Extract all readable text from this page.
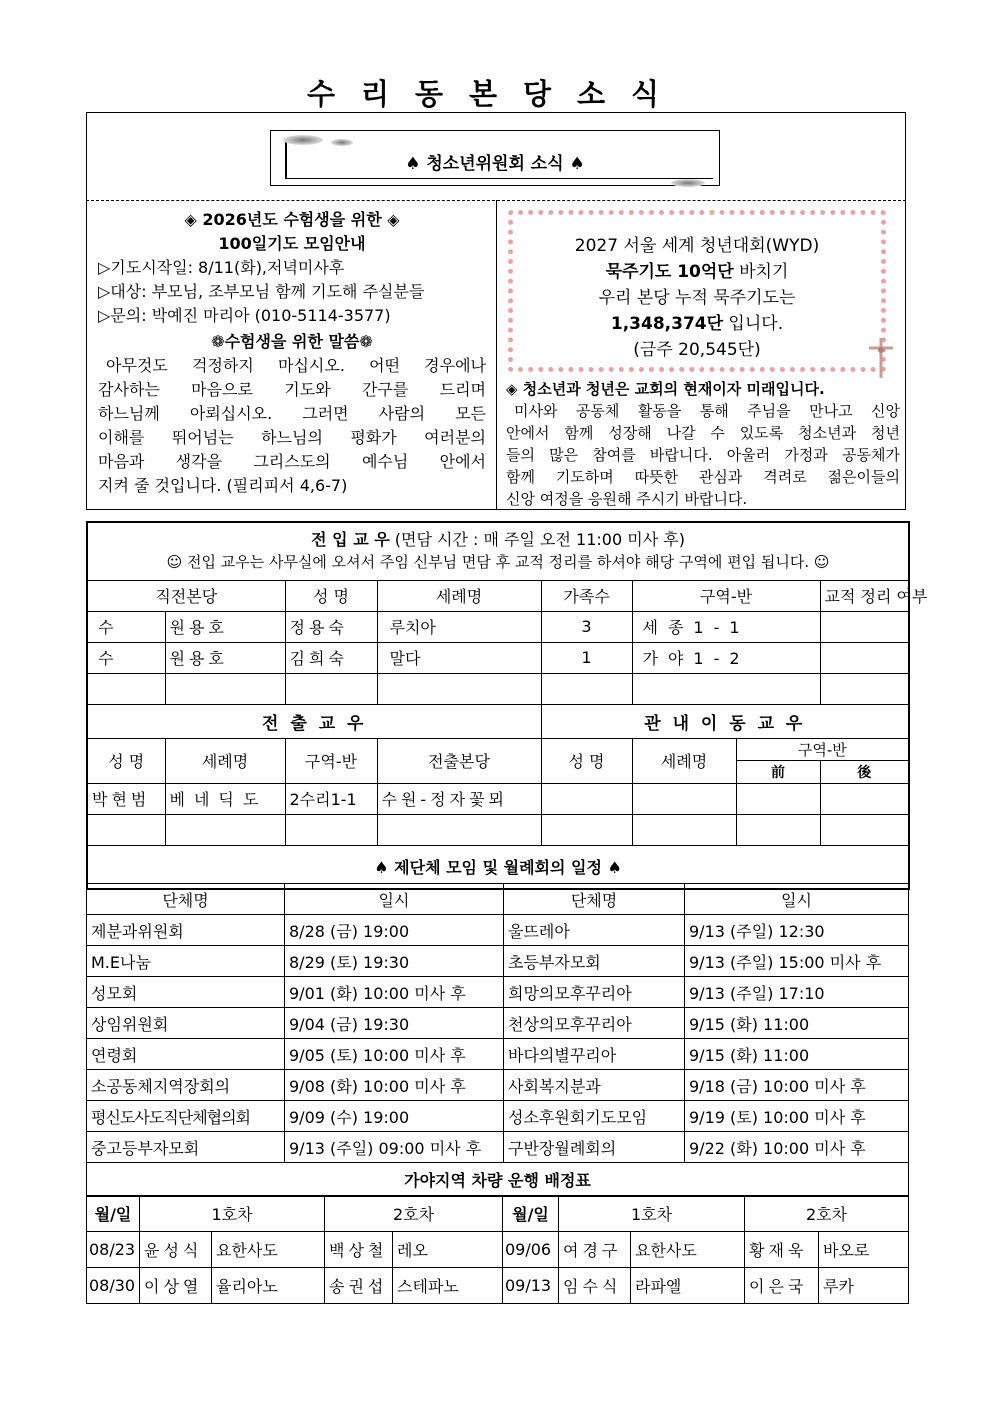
수리동본당소식
♠ 청소년위원회 소식 ♠
◈ 2026년도 수험생을 위한 ◈
100일기도 모임안내
▷기도시작일: 8/11(화),저녁미사후
▷대상: 부모님, 조부모님 함께 기도해 주실분들
▷문의: 박예진 마리아 (010-5114-3577)
❁수험생을 위한 말씀❁
아무것도 걱정하지 마십시오. 어떤 경우에나
감사하는 마음으로 기도와 간구를 드리며
하느님께 아뢰십시오. 그러면 사람의 모든
이해를 뛰어넘는 하느님의 평화가 여러분의
마음과 생각을 그리스도의 예수님 안에서
지켜 줄 것입니다. (필리피서 4,6-7)
2027 서울 세계 청년대회(WYD)
묵주기도 10억단 바치기
우리 본당 누적 묵주기도는
1,348,374단 입니다.
(금주 20,545단)
◈ 청소년과 청년은 교회의 현재이자 미래입니다.
미사와 공동체 활동을 통해 주님을 만나고 신앙
안에서 함께 성장해 나갈 수 있도록 청소년과 청년
들의 많은 참여를 바랍니다. 아울러 가정과 공동체가
함께 기도하며 따뜻한 관심과 격려로 젊은이들의
신앙 여정을 응원해 주시기 바랍니다.
전 입 교 우 (면담 시간 : 매 주일 오전 11:00 미사 후)
☺ 전입 교우는 사무실에 오셔서 주임 신부님 면담 후 교적 정리를 하셔야 해당 구역에 편입 됩니다. ☺							

직전본당		성 명	세례명	가족수	구역-반		교적 정리 여부
수	원용호	정용숙	루치아	3	세종1-1		
수	원용호	김희숙	말다	1	가야1-2		

전 출 교 우				관 내 이 동 교 우			
성 명	세례명	구역-반	전출본당	성 명	세례명	구역-반	
						前	後
박현범	베네딕도	2수리1-1	수원-정자꽃뫼				

♠ 제단체 모임 및 월례회의 일정 ♠							
단체명	일시	단체명	일시
제분과위원회	8/28 (금) 19:00	울뜨레아	9/13 (주일) 12:30
M.E나눔	8/29 (토) 19:30	초등부자모회	9/13 (주일) 15:00 미사 후
성모회	9/01 (화) 10:00 미사 후	희망의모후꾸리아	9/13 (주일) 17:10
상임위원회	9/04 (금) 19:30	천상의모후꾸리아	9/15 (화) 11:00
연령회	9/05 (토) 10:00 미사 후	바다의별꾸리아	9/15 (화) 11:00
소공동체지역장회의	9/08 (화) 10:00 미사 후	사회복지분과	9/18 (금) 10:00 미사 후
평신도사도직단체협의회	9/09 (수) 19:00	성소후원회기도모임	9/19 (토) 10:00 미사 후
중고등부자모회	9/13 (주일) 09:00 미사 후	구반장월례회의	9/22 (화) 10:00 미사 후
가야지역 차량 운행 배정표			
월/일	1호차		2호차		월/일	1호차		2호차	
08/23	윤성식	요한사도	백상철	레오	09/06	여경구	요한사도	황재욱	바오로
08/30	이상열	율리아노	송권섭	스테파노	09/13	임수식	라파엘	이은국	루카
